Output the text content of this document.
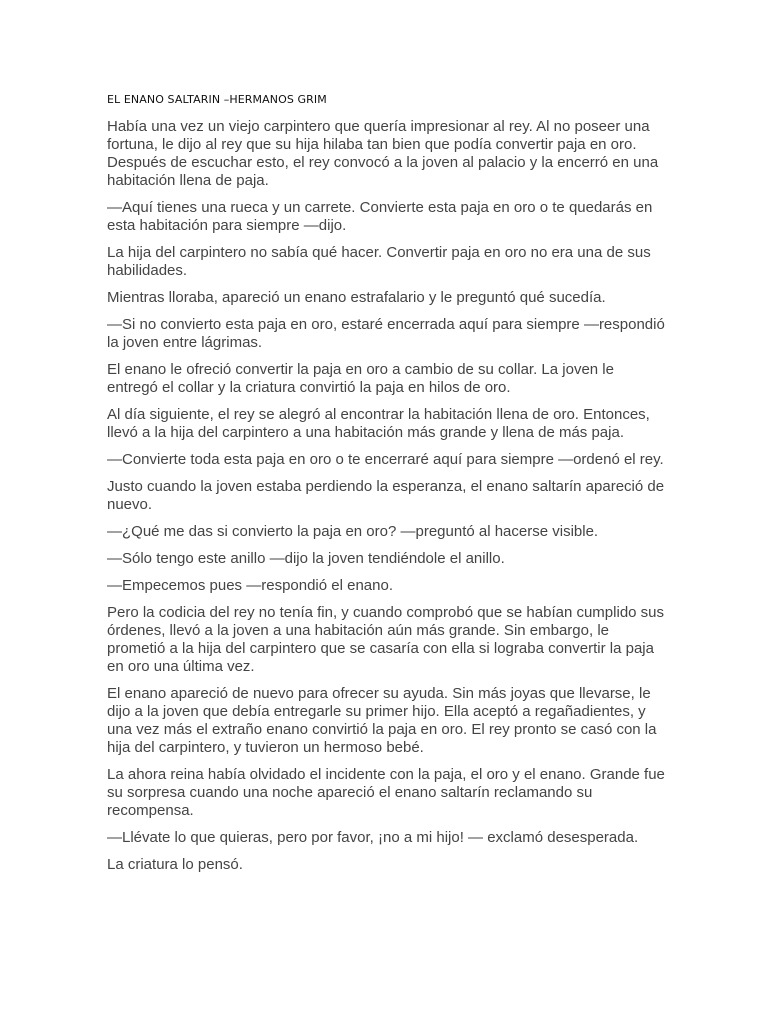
EL ENANO SALTARIN –HERMANOS GRIM

Había una vez un viejo carpintero que quería impresionar al rey. Al no poseer una fortuna, le dijo al rey que su hija hilaba tan bien que podía convertir paja en oro. Después de escuchar esto, el rey convocó a la joven al palacio y la encerró en una habitación llena de paja.

—Aquí tienes una rueca y un carrete. Convierte esta paja en oro o te quedarás en esta habitación para siempre —dijo.

La hija del carpintero no sabía qué hacer. Convertir paja en oro no era una de sus habilidades.

Mientras lloraba, apareció un enano estrafalario y le preguntó qué sucedía.

—Si no convierto esta paja en oro, estaré encerrada aquí para siempre —respondió la joven entre lágrimas.

El enano le ofreció convertir la paja en oro a cambio de su collar. La joven le entregó el collar y la criatura convirtió la paja en hilos de oro.

Al día siguiente, el rey se alegró al encontrar la habitación llena de oro. Entonces, llevó a la hija del carpintero a una habitación más grande y llena de más paja.

—Convierte toda esta paja en oro o te encerraré aquí para siempre —ordenó el rey.

Justo cuando la joven estaba perdiendo la esperanza, el enano saltarín apareció de nuevo.

—¿Qué me das si convierto la paja en oro? —preguntó al hacerse visible.

—Sólo tengo este anillo —dijo la joven tendiéndole el anillo.

—Empecemos pues —respondió el enano.

Pero la codicia del rey no tenía fin, y cuando comprobó que se habían cumplido sus órdenes, llevó a la joven a una habitación aún más grande. Sin embargo, le prometió a la hija del carpintero que se casaría con ella si lograba convertir la paja en oro una última vez.

El enano apareció de nuevo para ofrecer su ayuda. Sin más joyas que llevarse, le dijo a la joven que debía entregarle su primer hijo. Ella aceptó a regañadientes, y una vez más el extraño enano convirtió la paja en oro. El rey pronto se casó con la hija del carpintero, y tuvieron un hermoso bebé.

La ahora reina había olvidado el incidente con la paja, el oro y el enano. Grande fue su sorpresa cuando una noche apareció el enano saltarín reclamando su recompensa.

—Llévate lo que quieras, pero por favor, ¡no a mi hijo! — exclamó desesperada.

La criatura lo pensó.
